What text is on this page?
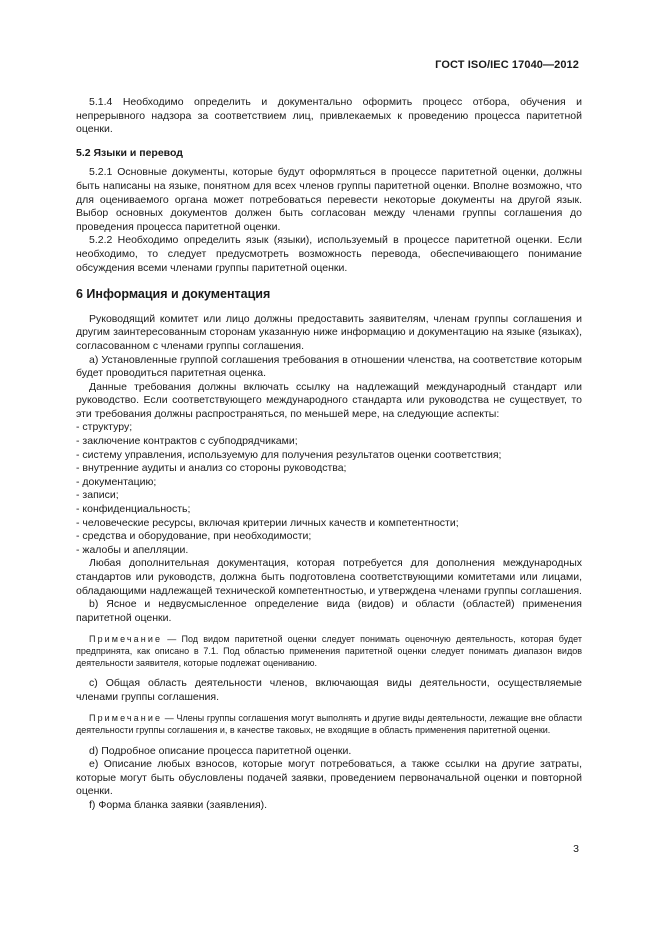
ГОСТ ISO/IEC 17040—2012

5.1.4 Необходимо определить и документально оформить процесс отбора, обучения и непрерывного надзора за соответствием лиц, привлекаемых к проведению процесса паритетной оценки.

5.2 Языки и перевод

5.2.1 Основные документы, которые будут оформляться в процессе паритетной оценки, должны быть написаны на языке, понятном для всех членов группы паритетной оценки. Вполне возможно, что для оцениваемого органа может потребоваться перевести некоторые документы на другой язык. Выбор основных документов должен быть согласован между членами группы соглашения до проведения процесса паритетной оценки.

5.2.2 Необходимо определить язык (языки), используемый в процессе паритетной оценки. Если необходимо, то следует предусмотреть возможность перевода, обеспечивающего понимание обсуждения всеми членами группы паритетной оценки.

6 Информация и документация

Руководящий комитет или лицо должны предоставить заявителям, членам группы соглашения и другим заинтересованным сторонам указанную ниже информацию и документацию на языке (языках), согласованном с членами группы соглашения.

a) Установленные группой соглашения требования в отношении членства, на соответствие которым будет проводиться паритетная оценка.

Данные требования должны включать ссылку на надлежащий международный стандарт или руководство. Если соответствующего международного стандарта или руководства не существует, то эти требования должны распространяться, по меньшей мере, на следующие аспекты:

- структуру;
- заключение контрактов с субподрядчиками;
- систему управления, используемую для получения результатов оценки соответствия;
- внутренние аудиты и анализ со стороны руководства;
- документацию;
- записи;
- конфиденциальность;
- человеческие ресурсы, включая критерии личных качеств и компетентности;
- средства и оборудование, при необходимости;
- жалобы и апелляции.

Любая дополнительная документация, которая потребуется для дополнения международных стандартов или руководств, должна быть подготовлена соответствующими комитетами или лицами, обладающими надлежащей технической компетентностью, и утверждена членами группы соглашения.

b) Ясное и недвусмысленное определение вида (видов) и области (областей) применения паритетной оценки.

Примечание — Под видом паритетной оценки следует понимать оценочную деятельность, которая будет предпринята, как описано в 7.1. Под областью применения паритетной оценки следует понимать диапазон видов деятельности заявителя, которые подлежат оцениванию.

c) Общая область деятельности членов, включающая виды деятельности, осуществляемые членами группы соглашения.

Примечание — Члены группы соглашения могут выполнять и другие виды деятельности, лежащие вне области деятельности группы соглашения и, в качестве таковых, не входящие в область применения паритетной оценки.

d) Подробное описание процесса паритетной оценки.

e) Описание любых взносов, которые могут потребоваться, а также ссылки на другие затраты, которые могут быть обусловлены подачей заявки, проведением первоначальной оценки и повторной оценки.

f) Форма бланка заявки (заявления).

3
